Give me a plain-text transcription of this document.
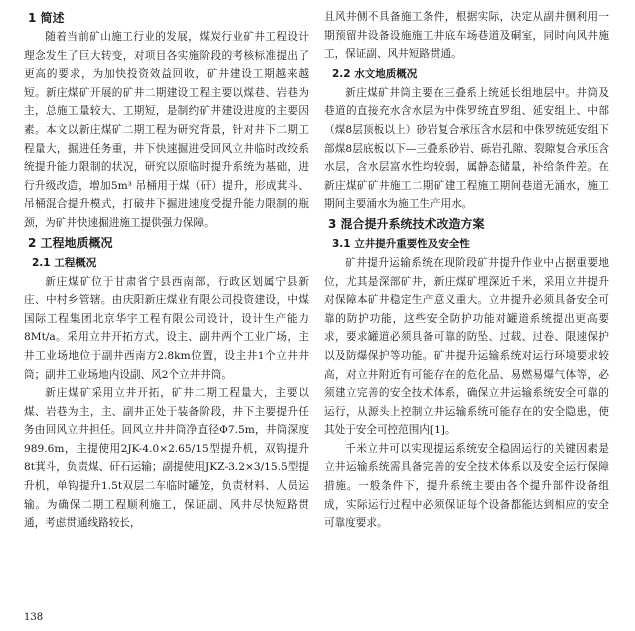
1 简述

随着当前矿山施工行业的发展，煤炭行业矿井工程设计理念发生了巨大转变，对项目各实施阶段的考核标准提出了更高的要求，为加快投资效益回收，矿井建设工期越来越短。新庄煤矿开展的矿井二期建设工程主要以煤巷、岩巷为主，总施工量较大、工期短，是制约矿井建设进度的主要因素。本文以新庄煤矿二期工程为研究背景，针对井下二期工程量大，掘进任务重，井下快速掘进受回风立井临时改绞系统提升能力限制的状况，研究以原临时提升系统为基础，进行升级改造，增加5m³ 吊桶用于煤（矸）提升，形成萁斗、吊桶混合提升模式，打破井下掘进速度受提升能力限制的瓶颈，为矿井快速掘进施工提供强力保障。

2 工程地质概况
2.1 工程概况

新庄煤矿位于甘肃省宁县西南部，行政区划属宁县新庄、中村乡管辖。由庆阳新庄煤业有限公司投资建设，中煤国际工程集团北京华宇工程有限公司设计，设计生产能力8Mt/a。采用立井开拓方式，设主、副井两个工业广场，主井工业场地位于副井西南方2.8km位置，设主井1个立井井筒；副井工业场地内设副、风2个立井井筒。

新庄煤矿采用立井开拓，矿井二期工程量大，主要以煤、岩巷为主，主、副井正处于装备阶段，井下主要提升任务由回风立井担任。回风立井井筒净直径Φ7.5m，井筒深度989.6m，主提使用2JK-4.0×2.65/15型提升机，双钩提升8t萁斗，负责煤、矸石运输；副提使用JKZ-3.2×3/15.5型提升机，单钩提升1.5t双层二车临时罐笼，负责材料、人员运输。为确保二期工程顺利施工，保证副、风井尽快短路贯通，考虑贯通线路较长，

且风井侧不具备施工条件，根据实际，决定从副井侧利用一期预留井设备设施施工井底车场巷道及硐室，同时向风井施工，保证副、风井短路贯通。

2.2 水文地质概况

新庄煤矿井筒主要在三叠系上统延长组地层中。井筒及巷道的直接充水含水层为中侏罗统直罗组、延安组上、中部（煤8层顶板以上）砂岩复合承压含水层和中侏罗统延安组下部煤8层底板以下—三叠系砂岩、砾岩孔隙、裂隙复合承压含水层，含水层富水性均较弱，属静态储量，补给条件差。在新庄煤矿矿井施工二期矿建工程施工期间巷道无涌水，施工期间主要涌水为施工生产用水。

3 混合提升系统技术改造方案
3.1 立井提升重要性及安全性

矿井提升运输系统在现阶段矿井提升作业中占据重要地位，尤其是深部矿井，新庄煤矿埋深近千米，采用立井提升对保障本矿井稳定生产意义重大。立井提升必须具备安全可靠的防护功能，这些安全防护功能对罐道系统提出更高要求，要求罐道必须具备可靠的防坠、过载、过卷、限速保护以及防爆保护等功能。矿井提升运输系统对运行环境要求较高，对立井附近有可能存在的危化品、易燃易爆气体等，必须建立完善的安全技术体系，确保立井运输系统安全可靠的运行，从源头上控制立井运输系统可能存在的安全隐患，使其处于安全可控范围内[1]。

千米立井可以实现提运系统安全稳固运行的关键因素是立井运输系统需具备完善的安全技术体系以及安全运行保障措施。一般条件下，提升系统主要由各个提升部件设备组成，实际运行过程中必须保证每个设备都能达到相应的安全可靠度要求。

138
